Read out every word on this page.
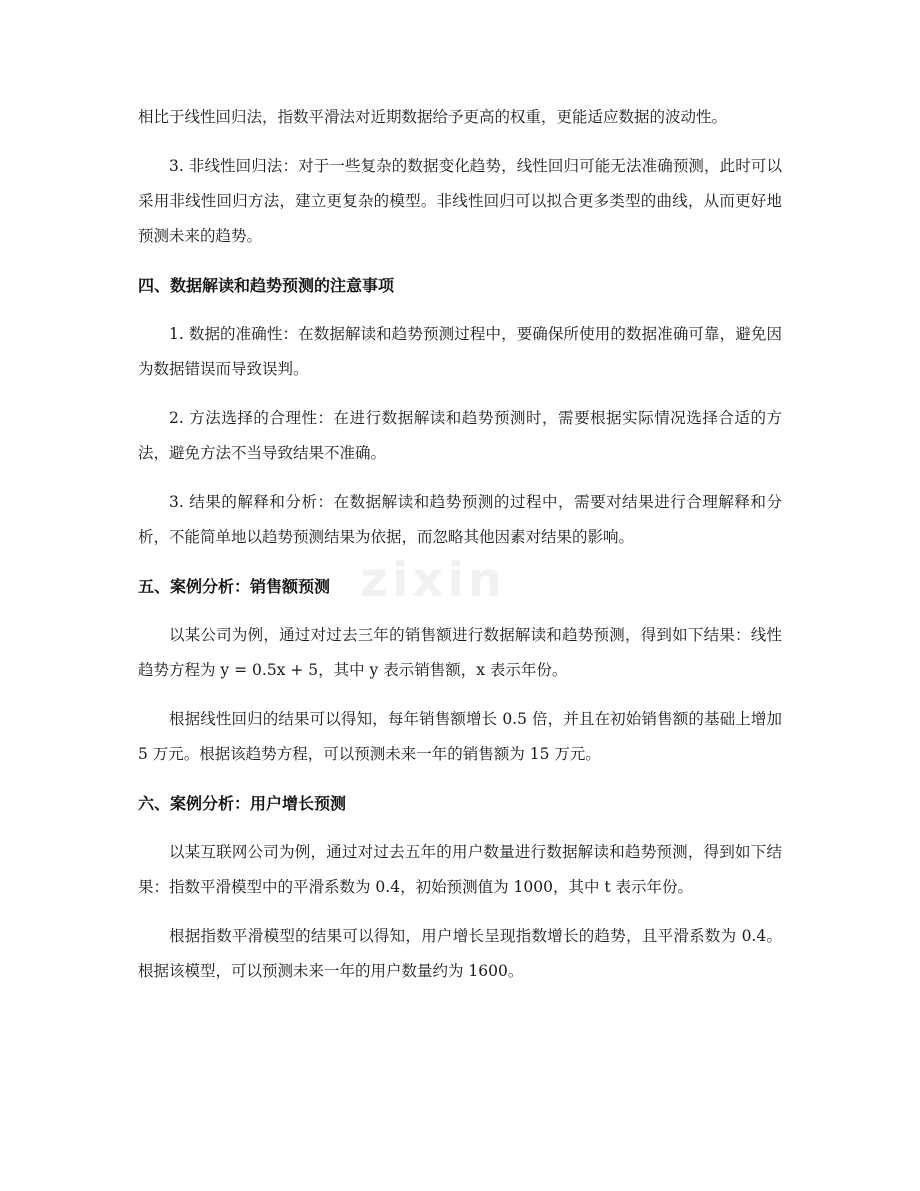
相比于线性回归法，指数平滑法对近期数据给予更高的权重，更能适应数据的波动性。

3. 非线性回归法：对于一些复杂的数据变化趋势，线性回归可能无法准确预测，此时可以采用非线性回归方法，建立更复杂的模型。非线性回归可以拟合更多类型的曲线，从而更好地预测未来的趋势。

四、数据解读和趋势预测的注意事项

1. 数据的准确性：在数据解读和趋势预测过程中，要确保所使用的数据准确可靠，避免因为数据错误而导致误判。

2. 方法选择的合理性：在进行数据解读和趋势预测时，需要根据实际情况选择合适的方法，避免方法不当导致结果不准确。

3. 结果的解释和分析：在数据解读和趋势预测的过程中，需要对结果进行合理解释和分析，不能简单地以趋势预测结果为依据，而忽略其他因素对结果的影响。

五、案例分析：销售额预测

以某公司为例，通过对过去三年的销售额进行数据解读和趋势预测，得到如下结果：线性趋势方程为 y = 0.5x + 5，其中 y 表示销售额，x 表示年份。

根据线性回归的结果可以得知，每年销售额增长 0.5 倍，并且在初始销售额的基础上增加 5 万元。根据该趋势方程，可以预测未来一年的销售额为 15 万元。

六、案例分析：用户增长预测

以某互联网公司为例，通过对过去五年的用户数量进行数据解读和趋势预测，得到如下结果：指数平滑模型中的平滑系数为 0.4，初始预测值为 1000，其中 t 表示年份。

根据指数平滑模型的结果可以得知，用户增长呈现指数增长的趋势，且平滑系数为 0.4。根据该模型，可以预测未来一年的用户数量约为 1600。

zixin
